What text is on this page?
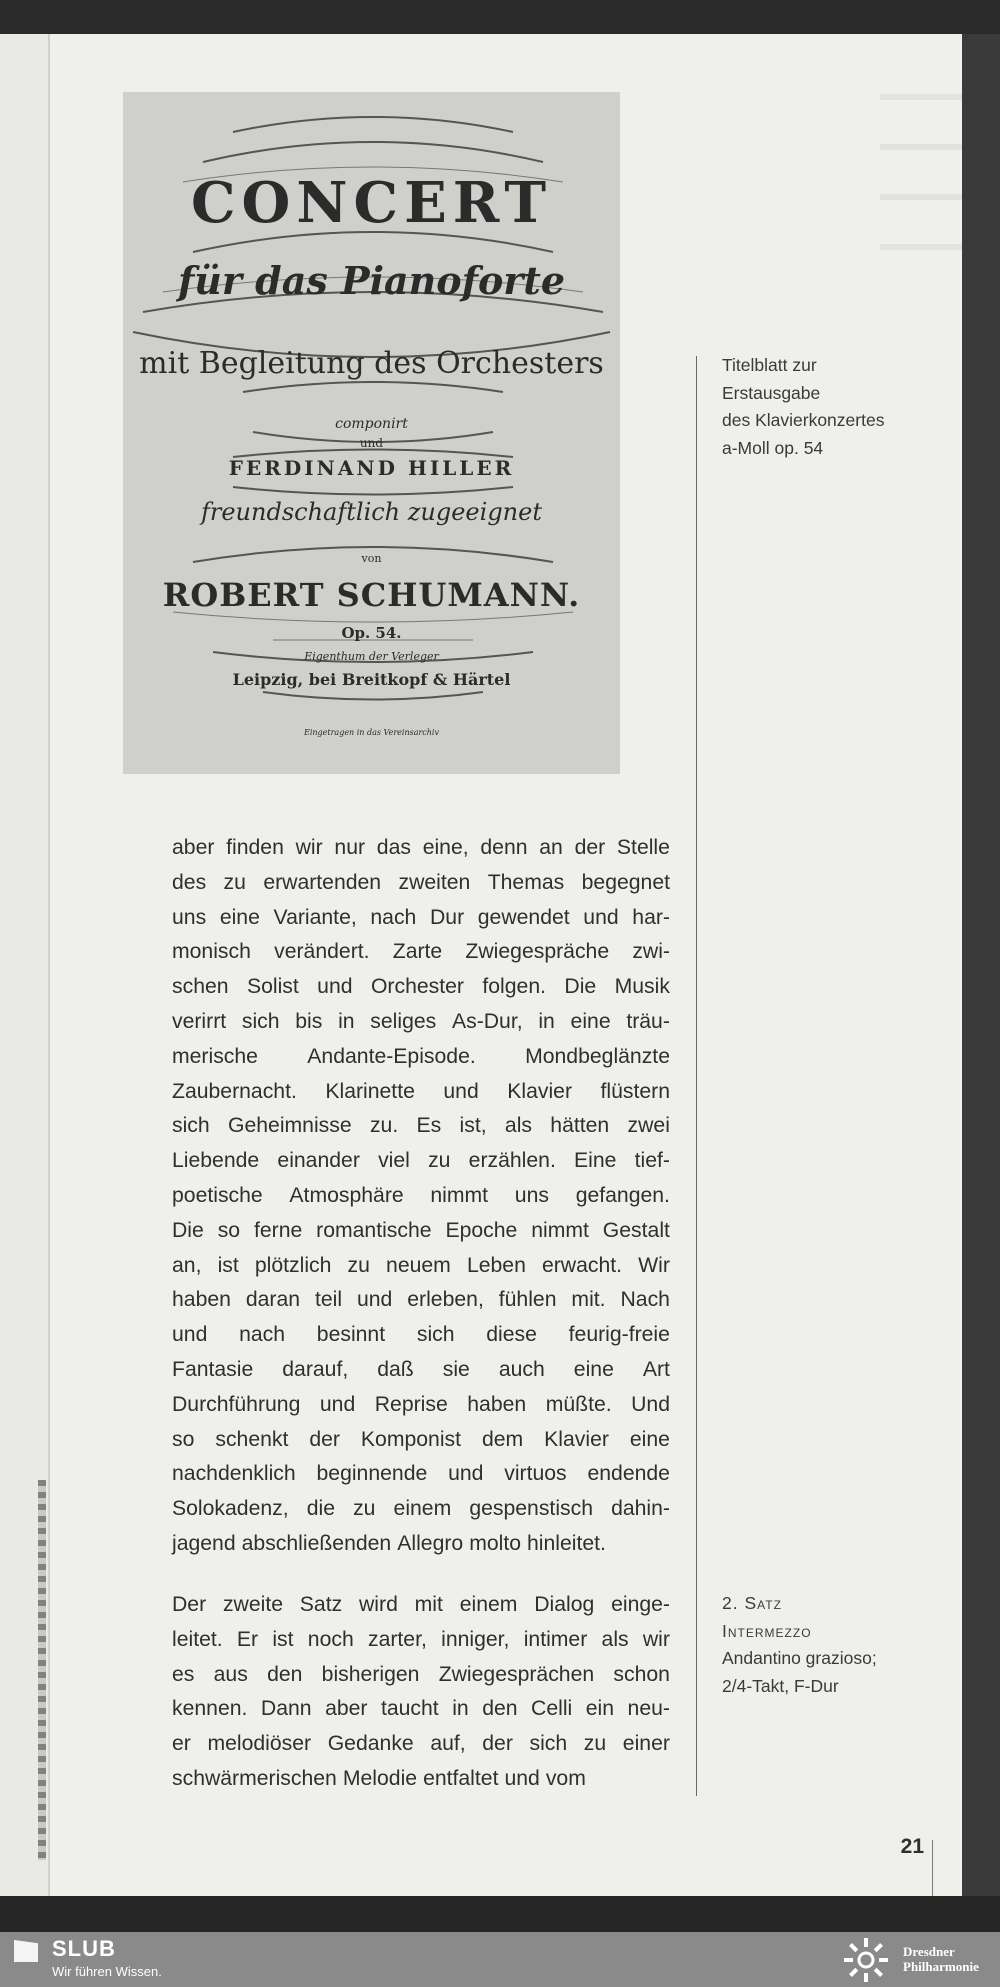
CONCERT
für das Pianoforte
mit Begleitung des Orchesters
componirt
und
FERDINAND HILLER
freundschaftlich zugeeignet
von
ROBERT SCHUMANN.
Op. 54.
Eigenthum der Verleger
Leipzig, bei Breitkopf & Härtel
Eingetragen in das Vereinsarchiv
Titelblatt zur
Erstausgabe
des Klavierkonzertes
a-Moll op. 54
aber finden wir nur das eine, denn an der Stelle
des zu erwartenden zweiten Themas begegnet
uns eine Variante, nach Dur gewendet und har-
monisch verändert. Zarte Zwiegespräche zwi-
schen Solist und Orchester folgen. Die Musik
verirrt sich bis in seliges As-Dur, in eine träu-
merische Andante-Episode. Mondbeglänzte
Zaubernacht. Klarinette und Klavier flüstern
sich Geheimnisse zu. Es ist, als hätten zwei
Liebende einander viel zu erzählen. Eine tief-
poetische Atmosphäre nimmt uns gefangen.
Die so ferne romantische Epoche nimmt Gestalt
an, ist plötzlich zu neuem Leben erwacht. Wir
haben daran teil und erleben, fühlen mit. Nach
und nach besinnt sich diese feurig-freie
Fantasie darauf, daß sie auch eine Art
Durchführung und Reprise haben müßte. Und
so schenkt der Komponist dem Klavier eine
nachdenklich beginnende und virtuos endende
Solokadenz, die zu einem gespenstisch dahin-
jagend abschließenden Allegro molto hinleitet.
Der zweite Satz wird mit einem Dialog einge-
leitet. Er ist noch zarter, inniger, intimer als wir
es aus den bisherigen Zwiegesprächen schon
kennen. Dann aber taucht in den Celli ein neu-
er melodiöser Gedanke auf, der sich zu einer
schwärmerischen Melodie entfaltet und vom
2. Satz
Intermezzo
Andantino grazioso;
2/4-Takt, F-Dur
21
SLUB
Wir führen Wissen.
Dresdner
Philharmonie
